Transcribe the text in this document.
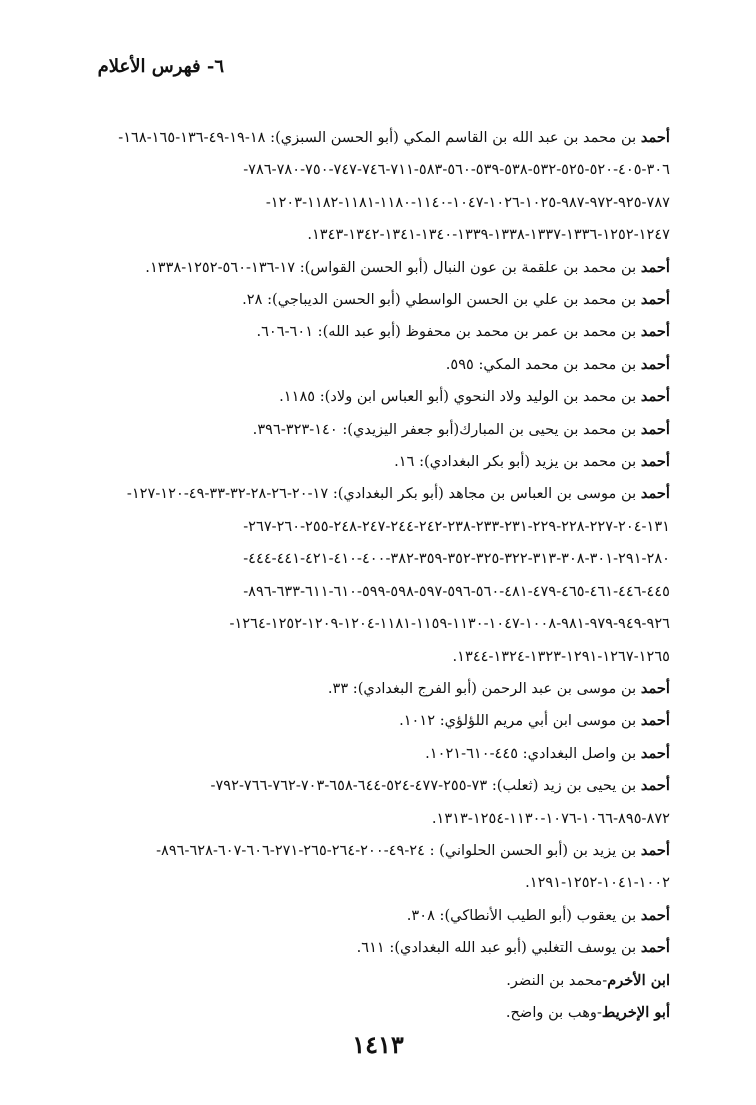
٦- فهرس الأعلام
أحمد بن محمد بن عبد الله بن القاسم المكي (أبو الحسن السبزي): ١٨-١٩-٤٩-١٣٦-١٦٥-١٦٨-
٣٠٦-٤٠٥-٥٢٠-٥٢٥-٥٣٢-٥٣٨-٥٣٩-٥٦٠-٥٨٣-٧١١-٧٤٦-٧٤٧-٧٥٠-٧٨٠-٧٨٦-
٧٨٧-٩٢٥-٩٧٢-٩٨٧-١٠٢٥-١٠٢٦-١٠٤٧-١١٤٠-١١٨٠-١١٨١-١١٨٢-١٢٠٣-
١٢٤٧-١٢٥٢-١٣٣٦-١٣٣٧-١٣٣٨-١٣٣٩-١٣٤٠-١٣٤١-١٣٤٢-١٣٤٣.
أحمد بن محمد بن علقمة بن عون النبال (أبو الحسن القواس): ١٧-١٣٦-٥٦٠-١٢٥٢-١٣٣٨.
أحمد بن محمد بن علي بن الحسن الواسطي (أبو الحسن الديباجي): ٢٨.
أحمد بن محمد بن عمر بن محمد بن محفوظ (أبو عبد الله): ٦٠١-٦٠٦.
أحمد بن محمد بن محمد المكي: ٥٩٥.
أحمد بن محمد بن الوليد ولاد النحوي (أبو العباس ابن ولاد): ١١٨٥.
أحمد بن محمد بن يحيى بن المبارك(أبو جعفر اليزيدي): ١٤٠-٣٢٣-٣٩٦.
أحمد بن محمد بن يزيد (أبو بكر البغدادي): ١٦.
أحمد بن موسى بن العباس بن مجاهد (أبو بكر البغدادي): ١٧-٢٠-٢٦-٢٨-٣٢-٣٣-٤٩-١٢٠-١٢٧-
١٣١-٢٠٤-٢٢٧-٢٢٨-٢٢٩-٢٣١-٢٣٣-٢٣٨-٢٤٢-٢٤٤-٢٤٧-٢٤٨-٢٥٥-٢٦٠-٢٦٧-
٢٨٠-٢٩١-٣٠١-٣٠٨-٣١٣-٣٢٢-٣٢٥-٣٥٢-٣٥٩-٣٨٢-٤٠٠-٤١٠-٤٢١-٤٤١-٤٤٤-
٤٤٥-٤٤٦-٤٦١-٤٦٥-٤٧٩-٤٨١-٥٦٠-٥٩٦-٥٩٧-٥٩٨-٥٩٩-٦١٠-٦١١-٦٣٣-٨٩٦-
٩٢٦-٩٤٩-٩٧٩-٩٨١-١٠٠٨-١٠٤٧-١١٣٠-١١٥٩-١١٨١-١٢٠٤-١٢٠٩-١٢٥٢-١٢٦٤-
١٢٦٥-١٢٦٧-١٢٩١-١٣٢٣-١٣٢٤-١٣٤٤.
أحمد بن موسى بن عبد الرحمن (أبو الفرج البغدادي): ٣٣.
أحمد بن موسى ابن أبي مريم اللؤلؤي: ١٠١٢.
أحمد بن واصل البغدادي: ٤٤٥-٦١٠-١٠٢١.
أحمد بن يحيى بن زيد (ثعلب): ٧٣-٢٥٥-٤٧٧-٥٢٤-٦٤٤-٦٥٨-٧٠٣-٧٦٢-٧٦٦-٧٩٢-
٨٧٢-٨٩٥-١٠٦٦-١٠٧٦-١١٣٠-١٢٥٤-١٣١٣.
أحمد بن يزيد بن (أبو الحسن الحلواني) : ٢٤-٤٩-٢٠٠-٢٦٤-٢٦٥-٢٧١-٦٠٦-٦٠٧-٦٢٨-٨٩٦-
١٠٠٢-١٠٤١-١٢٥٢-١٢٩١.
أحمد بن يعقوب (أبو الطيب الأنطاكي): ٣٠٨.
أحمد بن يوسف التغلبي (أبو عبد الله البغدادي): ٦١١.
ابن الأخرم-محمد بن النضر.
أبو الإخريط-وهب بن واضح.
١٤١٣
